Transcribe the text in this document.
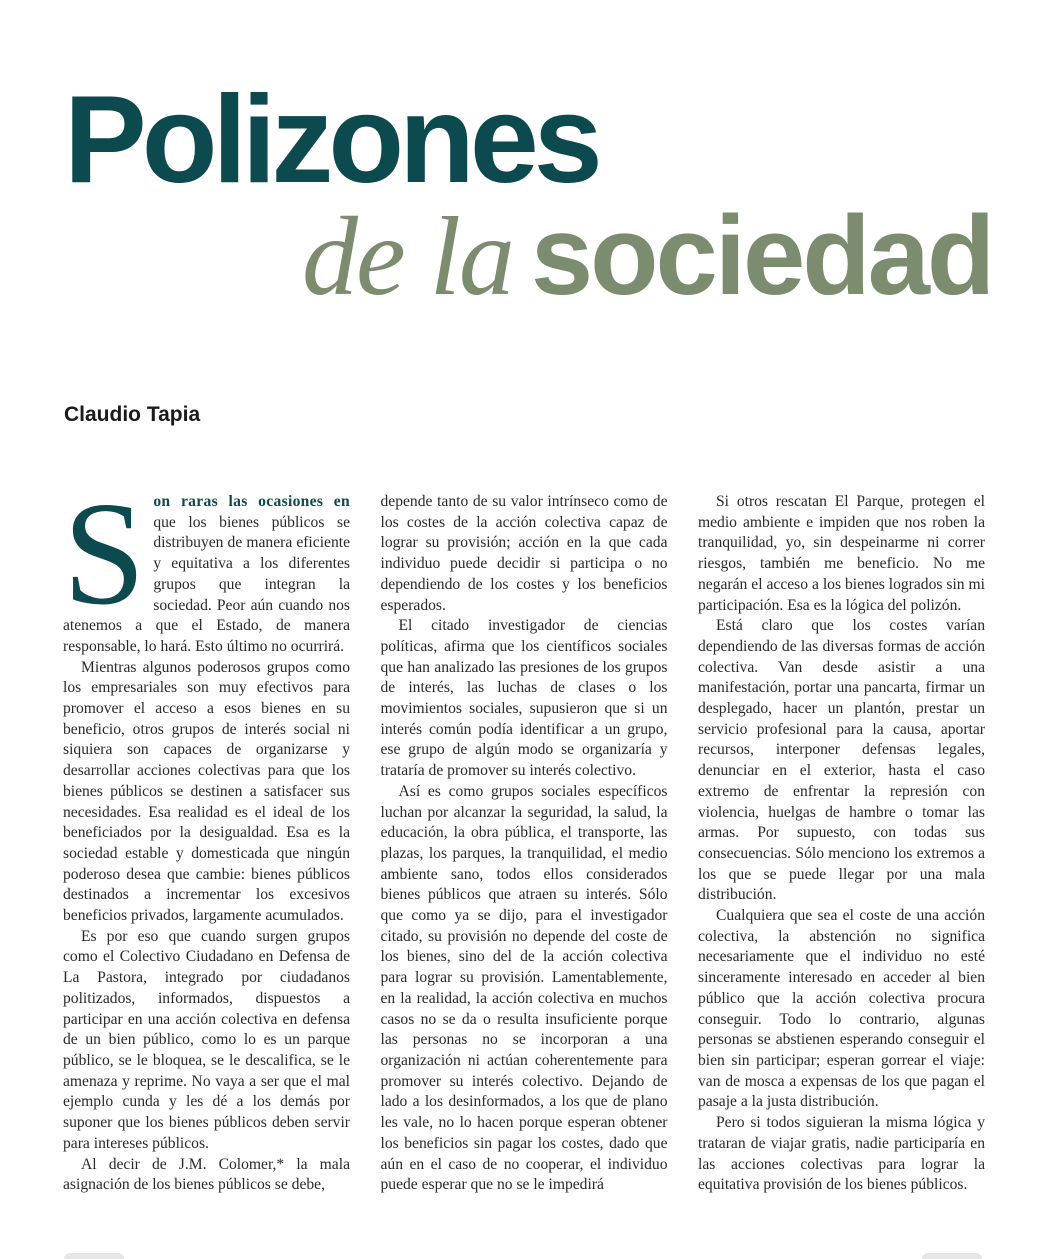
Polizones
de la sociedad
Claudio Tapia

Son raras las ocasiones en que los bienes públicos se distribuyen de manera eficiente y equitativa a los diferentes grupos que integran la sociedad. Peor aún cuando nos atenemos a que el Estado, de manera responsable, lo hará. Esto último no ocurrirá.

Mientras algunos poderosos grupos como los empresariales son muy efectivos para promover el acceso a esos bienes en su beneficio, otros grupos de interés social ni siquiera son capaces de organizarse y desarrollar acciones colectivas para que los bienes públicos se destinen a satisfacer sus necesidades. Esa realidad es el ideal de los beneficiados por la desigualdad. Esa es la sociedad estable y domesticada que ningún poderoso desea que cambie: bienes públicos destinados a incrementar los excesivos beneficios privados, largamente acumulados.

Es por eso que cuando surgen grupos como el Colectivo Ciudadano en Defensa de La Pastora, integrado por ciudadanos politizados, informados, dispuestos a participar en una acción colectiva en defensa de un bien público, como lo es un parque público, se le bloquea, se le descalifica, se le amenaza y reprime. No vaya a ser que el mal ejemplo cunda y les dé a los demás por suponer que los bienes públicos deben servir para intereses públicos.

Al decir de J.M. Colomer,* la mala asignación de los bienes públicos se debe,

depende tanto de su valor intrínseco como de los costes de la acción colectiva capaz de lograr su provisión; acción en la que cada individuo puede decidir si participa o no dependiendo de los costes y los beneficios esperados.

El citado investigador de ciencias políticas, afirma que los científicos sociales que han analizado las presiones de los grupos de interés, las luchas de clases o los movimientos sociales, supusieron que si un interés común podía identificar a un grupo, ese grupo de algún modo se organizaría y trataría de promover su interés colectivo.

Así es como grupos sociales específicos luchan por alcanzar la seguridad, la salud, la educación, la obra pública, el transporte, las plazas, los parques, la tranquilidad, el medio ambiente sano, todos ellos considerados bienes públicos que atraen su interés. Sólo que como ya se dijo, para el investigador citado, su provisión no depende del coste de los bienes, sino del de la acción colectiva para lograr su provisión. Lamentablemente, en la realidad, la acción colectiva en muchos casos no se da o resulta insuficiente porque las personas no se incorporan a una organización ni actúan coherentemente para promover su interés colectivo. Dejando de lado a los desinformados, a los que de plano les vale, no lo hacen porque esperan obtener los beneficios sin pagar los costes, dado que aún en el caso de no cooperar, el individuo puede esperar que no se le impedirá

Si otros rescatan El Parque, protegen el medio ambiente e impiden que nos roben la tranquilidad, yo, sin despeinarme ni correr riesgos, también me beneficio. No me negarán el acceso a los bienes logrados sin mi participación. Esa es la lógica del polizón.

Está claro que los costes varían dependiendo de las diversas formas de acción colectiva. Van desde asistir a una manifestación, portar una pancarta, firmar un desplegado, hacer un plantón, prestar un servicio profesional para la causa, aportar recursos, interponer defensas legales, denunciar en el exterior, hasta el caso extremo de enfrentar la represión con violencia, huelgas de hambre o tomar las armas. Por supuesto, con todas sus consecuencias. Sólo menciono los extremos a los que se puede llegar por una mala distribución.

Cualquiera que sea el coste de una acción colectiva, la abstención no significa necesariamente que el individuo no esté sinceramente interesado en acceder al bien público que la acción colectiva procura conseguir. Todo lo contrario, algunas personas se abstienen esperando conseguir el bien sin participar; esperan gorrear el viaje: van de mosca a expensas de los que pagan el pasaje a la justa distribución.

Pero si todos siguieran la misma lógica y trataran de viajar gratis, nadie participaría en las acciones colectivas para lograr la equitativa provisión de los bienes públicos.
